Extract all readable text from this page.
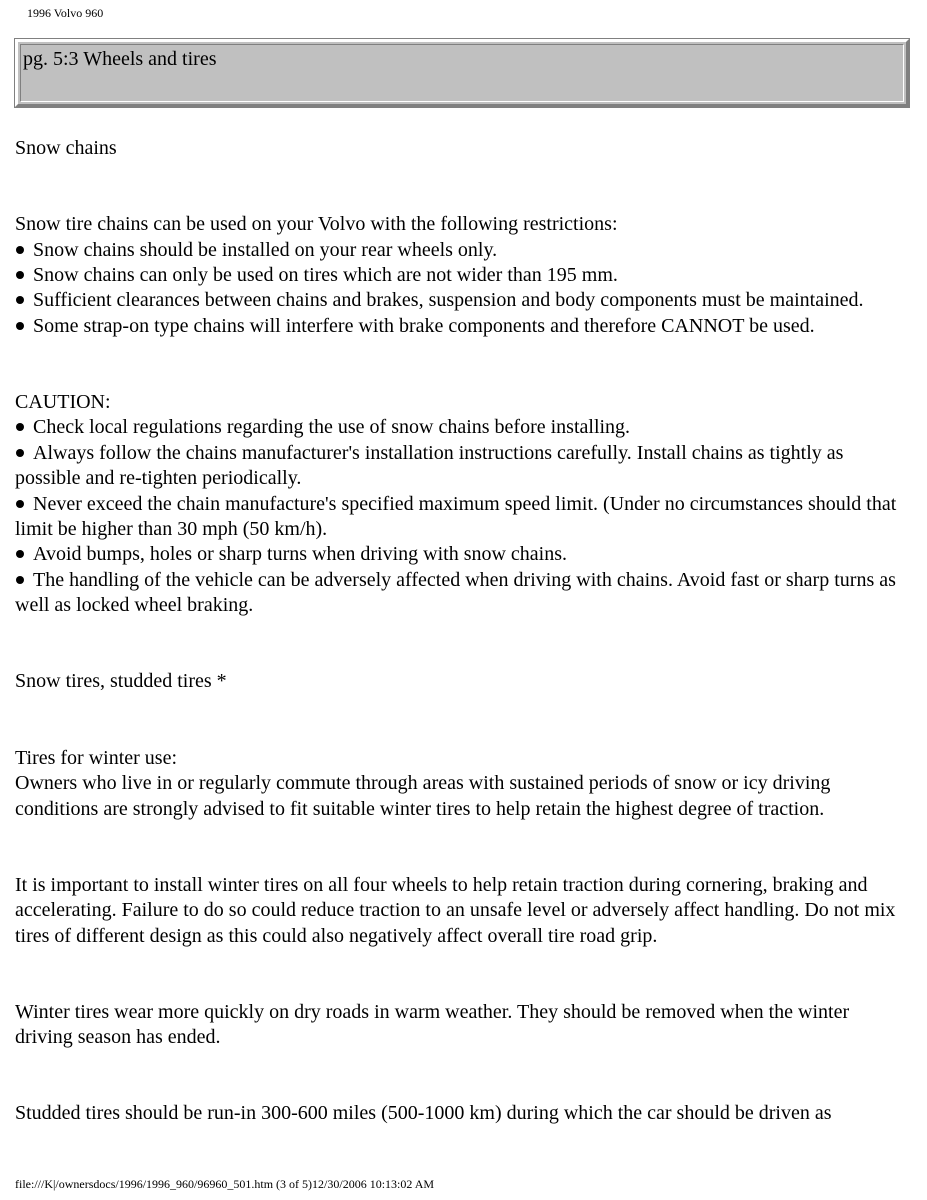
1996 Volvo 960
pg. 5:3 Wheels and tires

Snow chains

Snow tire chains can be used on your Volvo with the following restrictions:

Snow chains should be installed on your rear wheels only.

Snow chains can only be used on tires which are not wider than 195 mm.

Sufficient clearances between chains and brakes, suspension and body components must be maintained.

Some strap-on type chains will interfere with brake components and therefore CANNOT be used.

CAUTION:

Check local regulations regarding the use of snow chains before installing.

Always follow the chains manufacturer's installation instructions carefully. Install chains as tightly as possible and re-tighten periodically.

Never exceed the chain manufacture's specified maximum speed limit. (Under no circumstances should that limit be higher than 30 mph (50 km/h).

Avoid bumps, holes or sharp turns when driving with snow chains.

The handling of the vehicle can be adversely affected when driving with chains. Avoid fast or sharp turns as well as locked wheel braking.

Snow tires, studded tires *

Tires for winter use:

Owners who live in or regularly commute through areas with sustained periods of snow or icy driving conditions are strongly advised to fit suitable winter tires to help retain the highest degree of traction.

It is important to install winter tires on all four wheels to help retain traction during cornering, braking and accelerating. Failure to do so could reduce traction to an unsafe level or adversely affect handling. Do not mix tires of different design as this could also negatively affect overall tire road grip.

Winter tires wear more quickly on dry roads in warm weather. They should be removed when the winter driving season has ended.

Studded tires should be run-in 300-600 miles (500-1000 km) during which the car should be driven as

file:///K|/ownersdocs/1996/1996_960/96960_501.htm (3 of 5)12/30/2006 10:13:02 AM
